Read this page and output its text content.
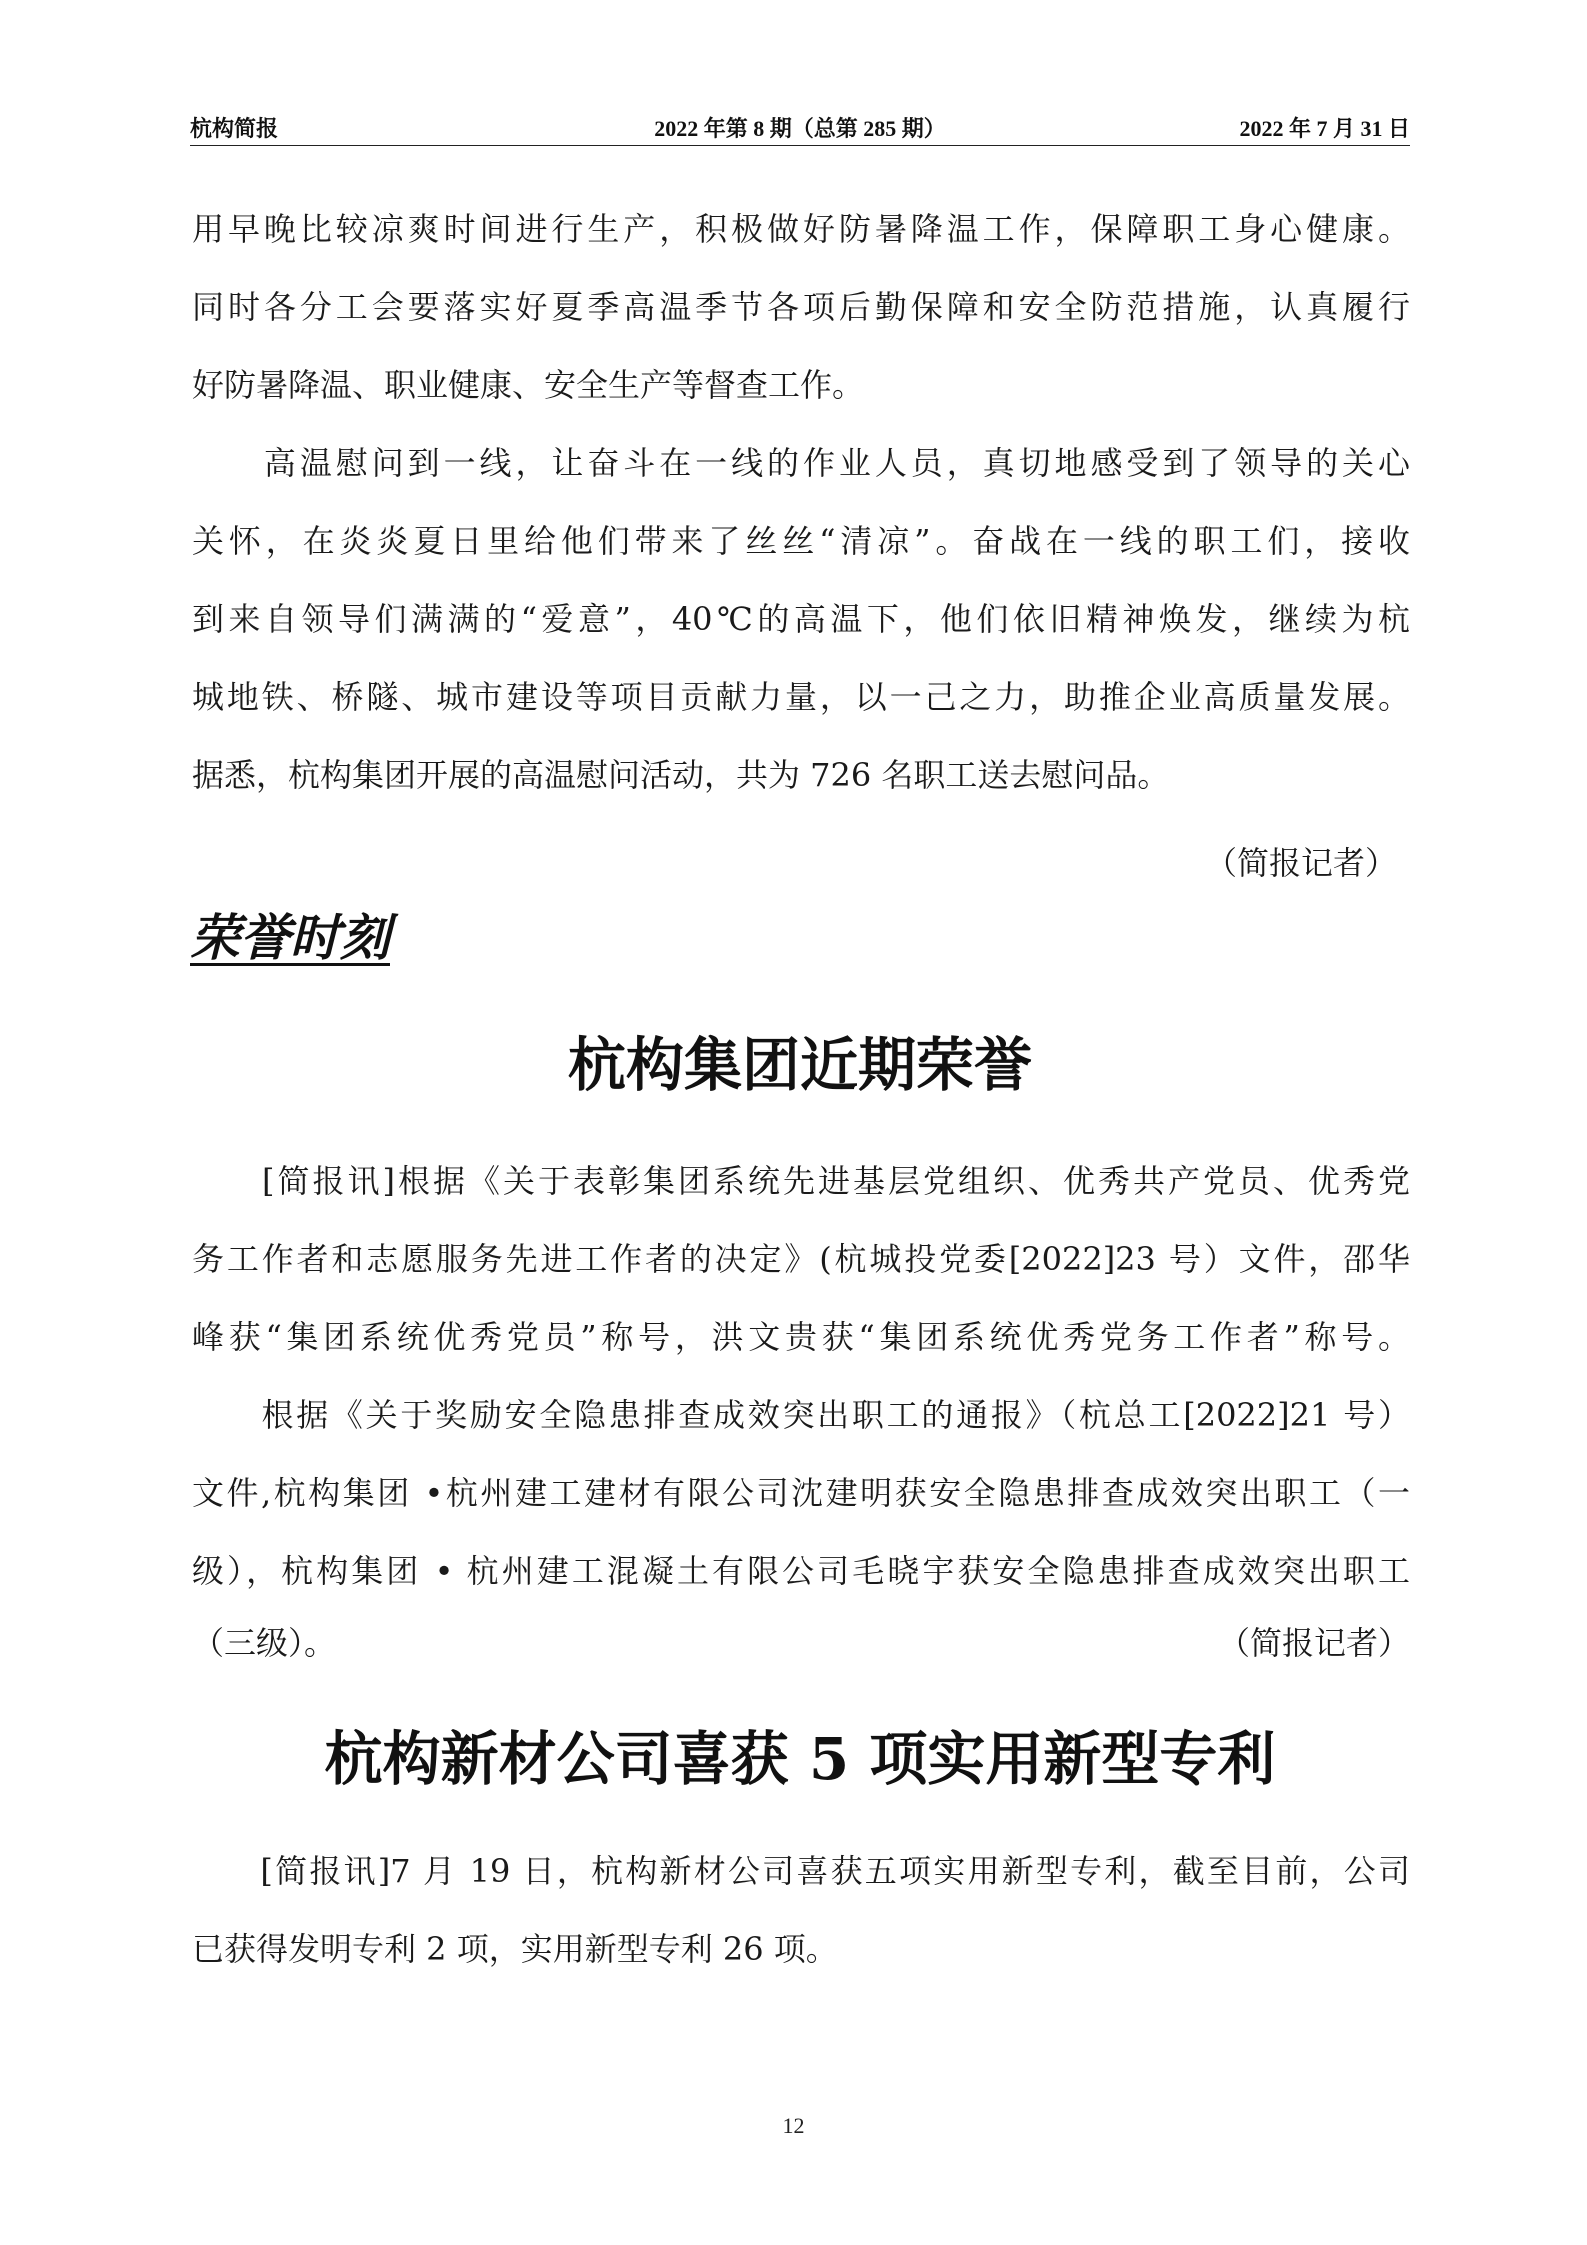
杭构简报	2022 年第 8 期（总第 285 期）	2022 年 7 月 31 日
用早晚比较凉爽时间进行生产，积极做好防暑降温工作，保障职工身心健康。
同时各分工会要落实好夏季高温季节各项后勤保障和安全防范措施，认真履行
好防暑降温、职业健康、安全生产等督查工作。
　　高温慰问到一线，让奋斗在一线的作业人员，真切地感受到了领导的关心
关怀，在炎炎夏日里给他们带来了丝丝“清凉”。奋战在一线的职工们，接收
到来自领导们满满的“爱意”，40℃的高温下，他们依旧精神焕发，继续为杭
城地铁、桥隧、城市建设等项目贡献力量，以一己之力，助推企业高质量发展。
据悉，杭构集团开展的高温慰问活动，共为 726 名职工送去慰问品。
（简报记者）
荣誉时刻
杭构集团近期荣誉
　　[简报讯]根据《关于表彰集团系统先进基层党组织、优秀共产党员、优秀党
务工作者和志愿服务先进工作者的决定》(杭城投党委[2022]23 号）文件，邵华
峰获“集团系统优秀党员”称号，洪文贵获“集团系统优秀党务工作者”称号。
　　根据《关于奖励安全隐患排查成效突出职工的通报》（杭总工[2022]21 号）
文件,杭构集团 •杭州建工建材有限公司沈建明获安全隐患排查成效突出职工（一
级），杭构集团 • 杭州建工混凝土有限公司毛晓宇获安全隐患排查成效突出职工
（三级）。	（简报记者）
杭构新材公司喜获 5 项实用新型专利
　　[简报讯]7 月 19 日，杭构新材公司喜获五项实用新型专利，截至目前，公司
已获得发明专利 2 项，实用新型专利 26 项。
12
